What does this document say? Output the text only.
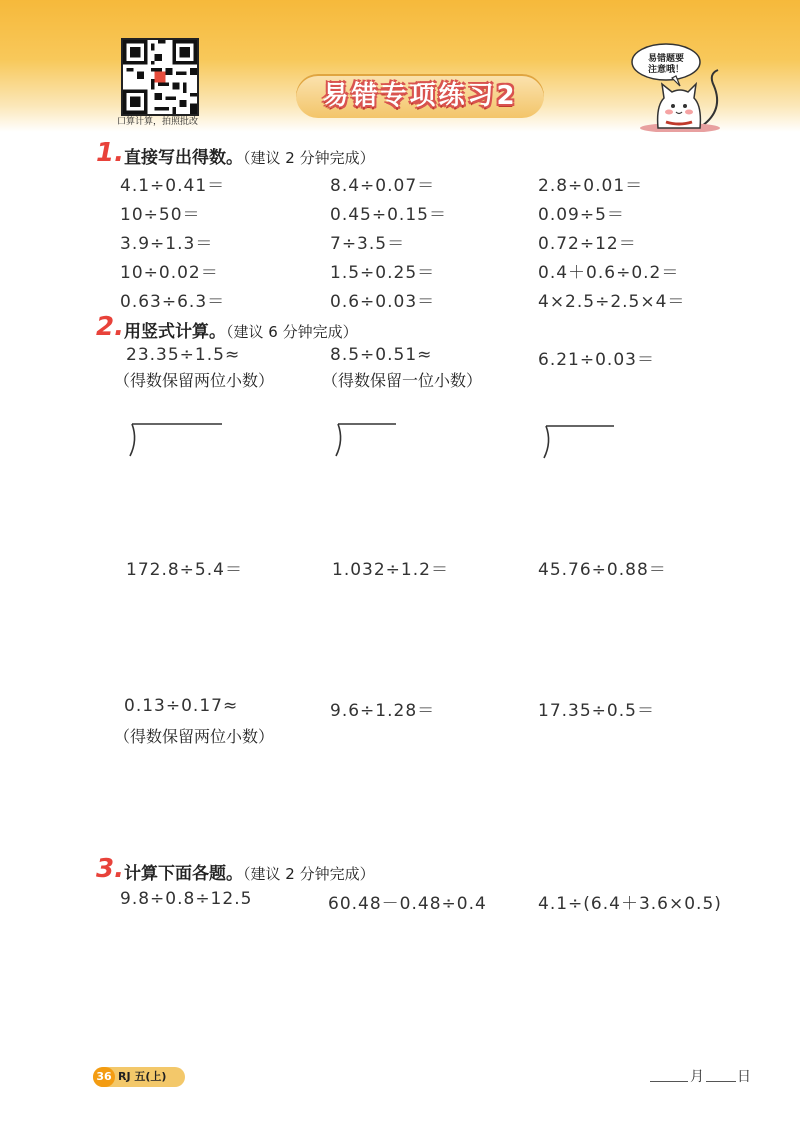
口算计算，拍照批改
易错专项练习2
易错题要
注意哦！
1. 直接写出得数。（建议 2 分钟完成）
4.1÷0.41＝	8.4÷0.07＝	2.8÷0.01＝
10÷50＝	0.45÷0.15＝	0.09÷5＝
3.9÷1.3＝	7÷3.5＝	0.72÷12＝
10÷0.02＝	1.5÷0.25＝	0.4＋0.6÷0.2＝
0.63÷6.3＝	0.6÷0.03＝	4×2.5÷2.5×4＝
2. 用竖式计算。（建议 6 分钟完成）
23.35÷1.5≈	8.5÷0.51≈	6.21÷0.03＝
（得数保留两位小数）	（得数保留一位小数）
172.8÷5.4＝	1.032÷1.2＝	45.76÷0.88＝
0.13÷0.17≈	9.6÷1.28＝	17.35÷0.5＝
（得数保留两位小数）
3. 计算下面各题。（建议 2 分钟完成）
9.8÷0.8÷12.5	60.48－0.48÷0.4	4.1÷(6.4＋3.6×0.5)
36 RJ 五(上)	月 日
